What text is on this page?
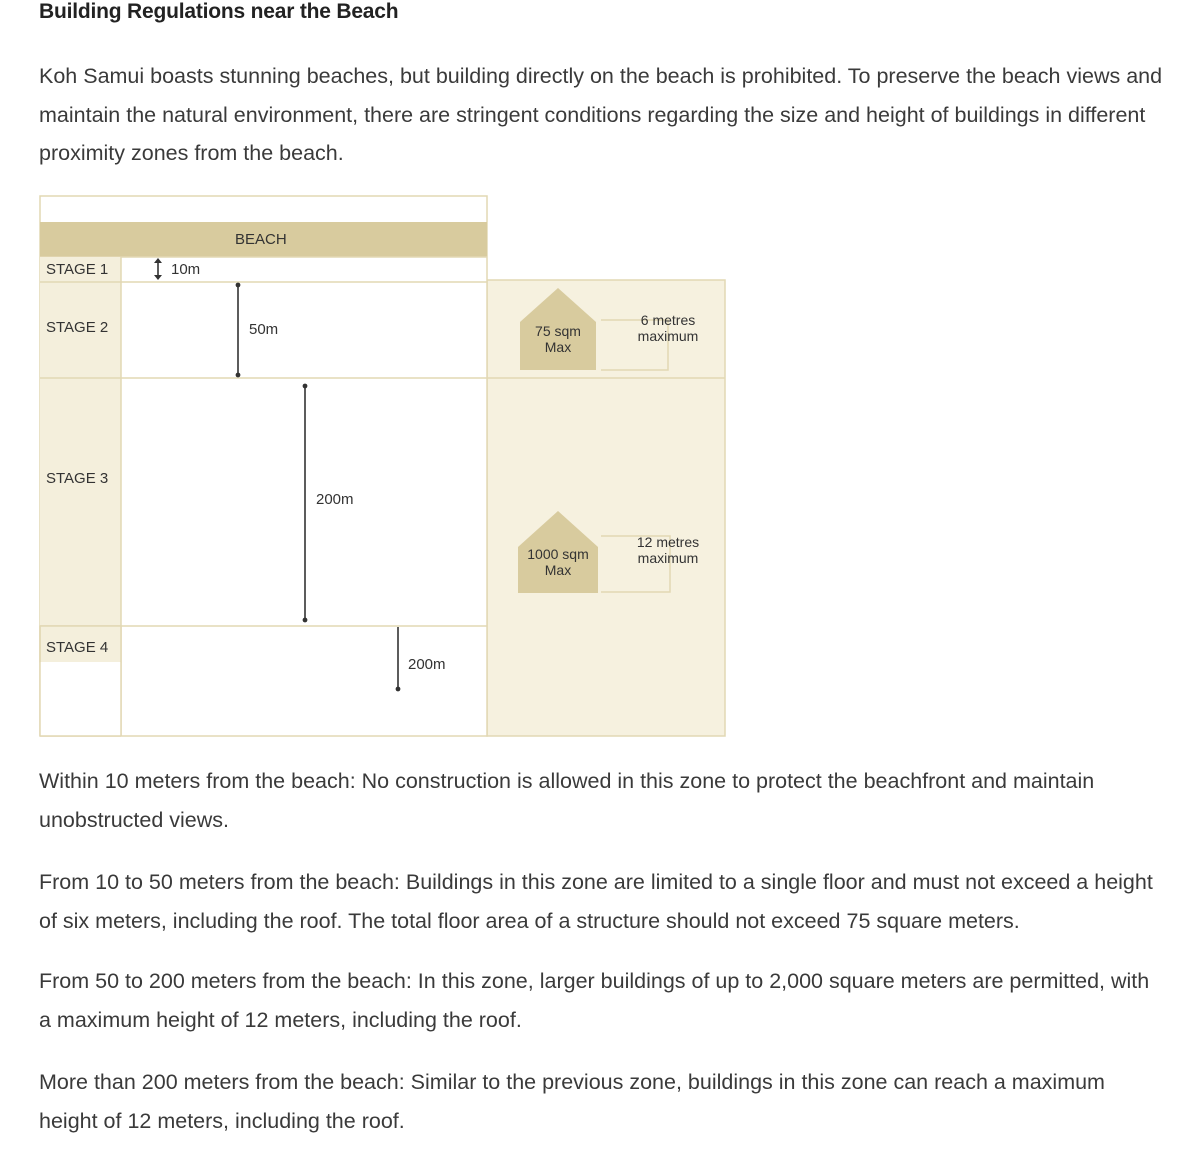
Building Regulations near the Beach

Koh Samui boasts stunning beaches, but building directly on the beach is prohibited. To preserve the beach views and maintain the natural environment, there are stringent conditions regarding the size and height of buildings in different proximity zones from the beach.

BEACH
STAGE 1
STAGE 2
STAGE 3
STAGE 4
10m
50m
200m
200m
75 sqm
Max
6 metres
maximum
1000 sqm
Max
12 metres
maximum

Within 10 meters from the beach: No construction is allowed in this zone to protect the beachfront and maintain unobstructed views.

From 10 to 50 meters from the beach: Buildings in this zone are limited to a single floor and must not exceed a height of six meters, including the roof. The total floor area of a structure should not exceed 75 square meters.

From 50 to 200 meters from the beach: In this zone, larger buildings of up to 2,000 square meters are permitted, with a maximum height of 12 meters, including the roof.

More than 200 meters from the beach: Similar to the previous zone, buildings in this zone can reach a maximum height of 12 meters, including the roof.
